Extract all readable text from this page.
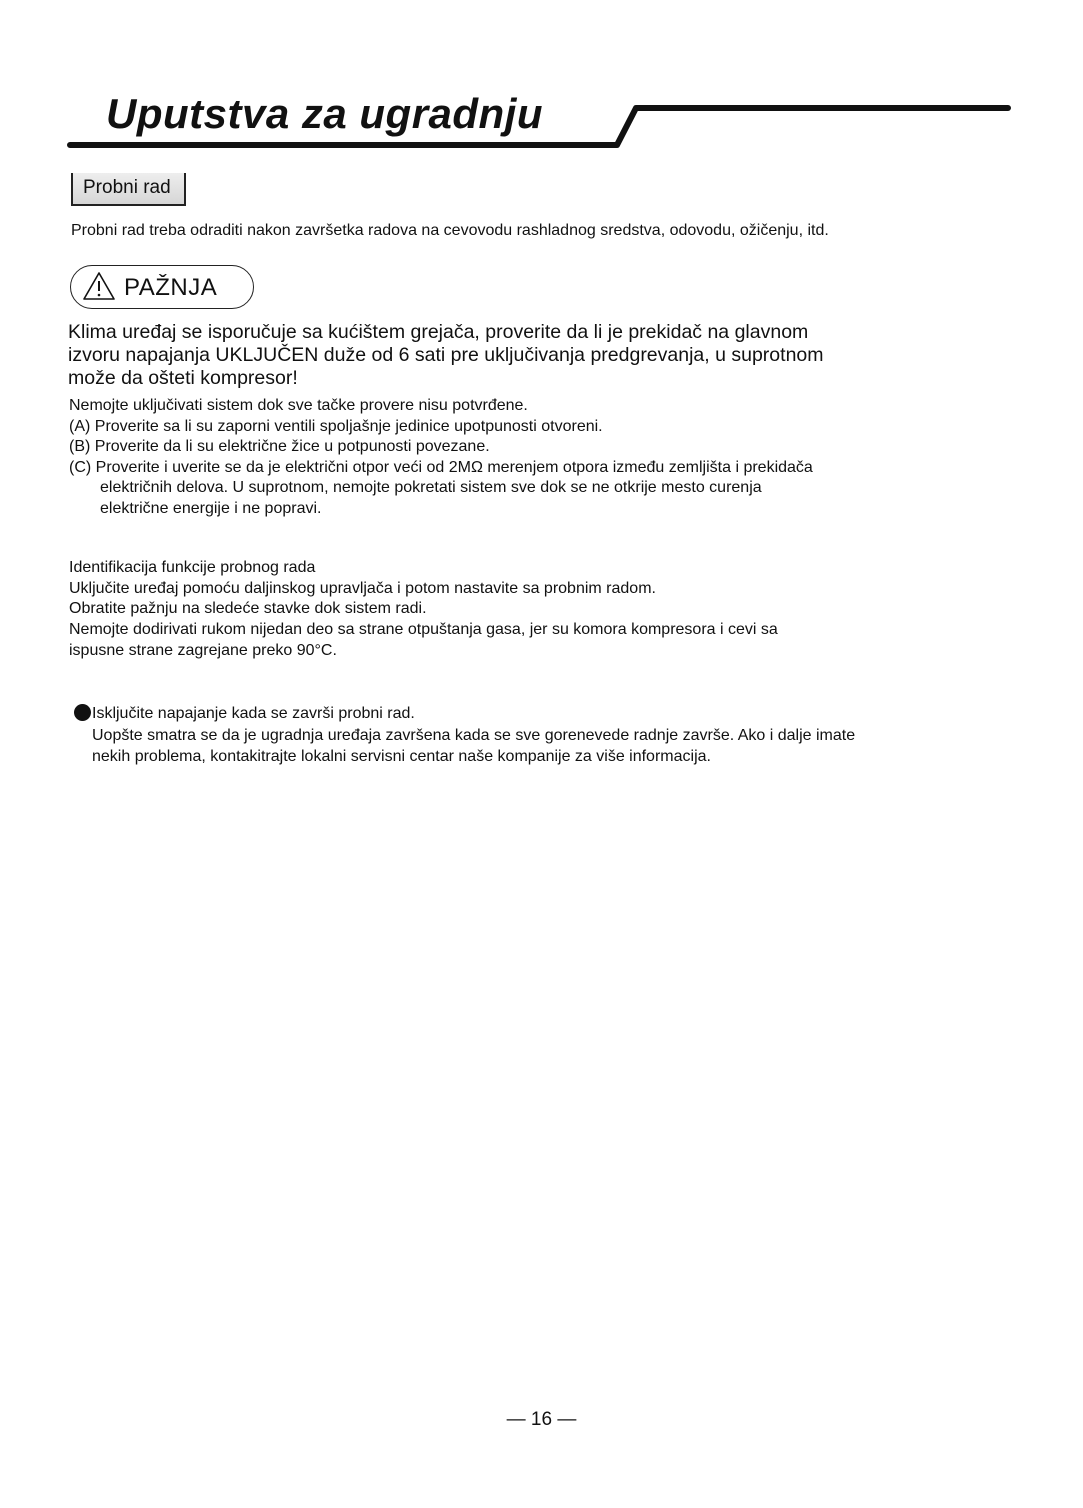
Uputstva za ugradnju
Probni rad
Probni rad treba odraditi nakon završetka radova na cevovodu rashladnog sredstva, odovodu, ožičenju, itd.
PAŽNJA
Klima uređaj se isporučuje sa kućištem grejača, proverite da li je prekidač na glavnom
izvoru napajanja UKLJUČEN duže od 6 sati pre uključivanja predgrevanja, u suprotnom
može da ošteti kompresor!
Nemojte uključivati sistem dok sve tačke provere nisu potvrđene.
(A) Proverite sa li su zaporni ventili spoljašnje jedinice upotpunosti otvoreni.
(B) Proverite da li su električne žice u potpunosti povezane.
(C) Proverite i uverite se da je električni otpor veći od 2MΩ merenjem otpora između zemljišta i prekidača
električnih delova. U suprotnom, nemojte pokretati sistem sve dok se ne otkrije mesto curenja
električne energije i ne popravi.
Identifikacija funkcije probnog rada
Uključite uređaj pomoću daljinskog upravljača i potom nastavite sa probnim radom.
Obratite pažnju na sledeće stavke dok sistem radi.
Nemojte dodirivati rukom nijedan deo sa strane otpuštanja gasa, jer su komora kompresora i cevi sa
ispusne strane zagrejane preko 90°C.
Isključite napajanje kada se završi probni rad.
Uopšte smatra se da je ugradnja uređaja završena kada se sve gorenevede radnje završe. Ako i dalje imate
nekih problema, kontakitrajte lokalni servisni centar naše kompanije za više informacija.
— 16 —
